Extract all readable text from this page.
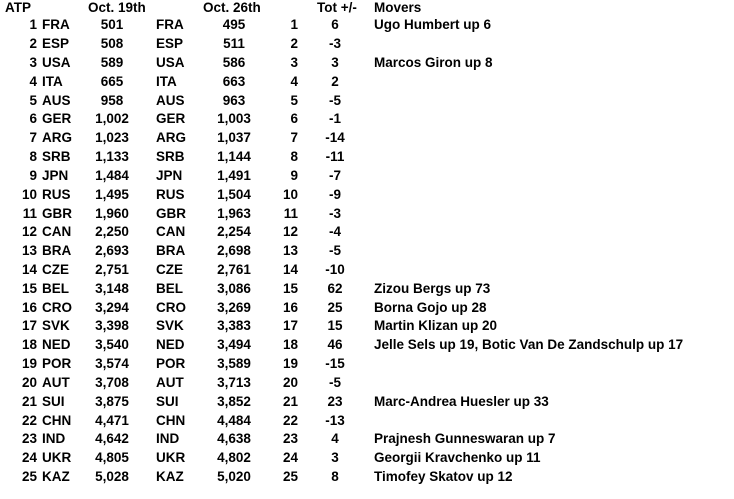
ATP	Oct. 19th	Oct. 26th	Tot +/- Movers
1 FRA	501	FRA	495	1	6	Ugo Humbert up 6
2 ESP	508	ESP	511	2	-3
3 USA	589	USA	586	3	3	Marcos Giron up 8
4 ITA	665	ITA	663	4	2
5 AUS	958	AUS	963	5	-5
6 GER	1,002	GER	1,003	6	-1
7 ARG	1,023	ARG	1,037	7	-14
8 SRB	1,133	SRB	1,144	8	-11
9 JPN	1,484	JPN	1,491	9	-7
10 RUS	1,495	RUS	1,504	10	-9
11 GBR	1,960	GBR	1,963	11	-3
12 CAN	2,250	CAN	2,254	12	-4
13 BRA	2,693	BRA	2,698	13	-5
14 CZE	2,751	CZE	2,761	14	-10
15 BEL	3,148	BEL	3,086	15	62	Zizou Bergs up 73
16 CRO	3,294	CRO	3,269	16	25	Borna Gojo up 28
17 SVK	3,398	SVK	3,383	17	15	Martin Klizan up 20
18 NED	3,540	NED	3,494	18	46	Jelle Sels up 19, Botic Van De Zandschulp up 17
19 POR	3,574	POR	3,589	19	-15
20 AUT	3,708	AUT	3,713	20	-5
21 SUI	3,875	SUI	3,852	21	23	Marc-Andrea Huesler up 33
22 CHN	4,471	CHN	4,484	22	-13
23 IND	4,642	IND	4,638	23	4	Prajnesh Gunneswaran up 7
24 UKR	4,805	UKR	4,802	24	3	Georgii Kravchenko up 11
25 KAZ	5,028	KAZ	5,020	25	8	Timofey Skatov up 12
